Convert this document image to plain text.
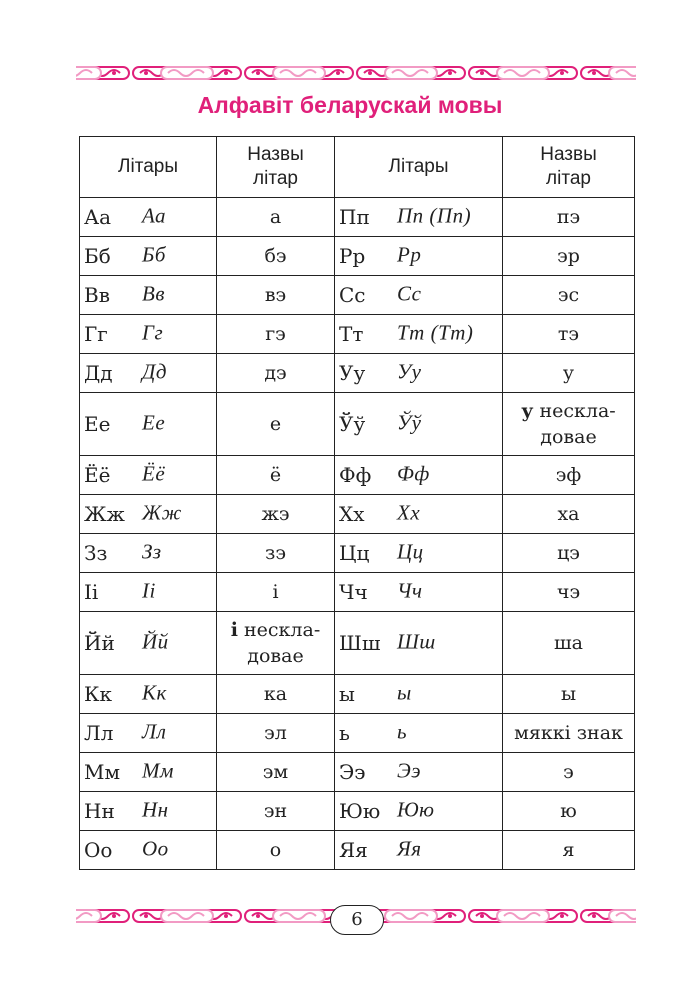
Алфавіт беларускай мовы
Літары	Назвы літар	Літары	Назвы літар

Аа Аа	а	Пп Пп (Пп)	пэ

Бб Бб	бэ	Рр Рр	эр

Вв Вв	вэ	Сс Сс	эс

Гг Гг	гэ	Тт Тт (Тт)	тэ

Дд Дд	дэ	Уу Уу	у

Ее Ее	е	Ўў Ўў	у нескла-довае

Ёё Ёё	ё	Фф Фф	эф

Жж Жж	жэ	Хх Хх	ха

Зз Зз	зэ	Цц Цц	цэ

Іі Іі	і	Чч Чч	чэ

Йй Йй	і нескла-довае	Шш Шш	ша

Кк Кк	ка	ы ы	ы

Лл Лл	эл	ь ь	мяккі знак

Мм Мм	эм	Ээ Ээ	э

Нн Нн	эн	Юю Юю	ю

Оо Оо	о	Яя Яя	я
6
